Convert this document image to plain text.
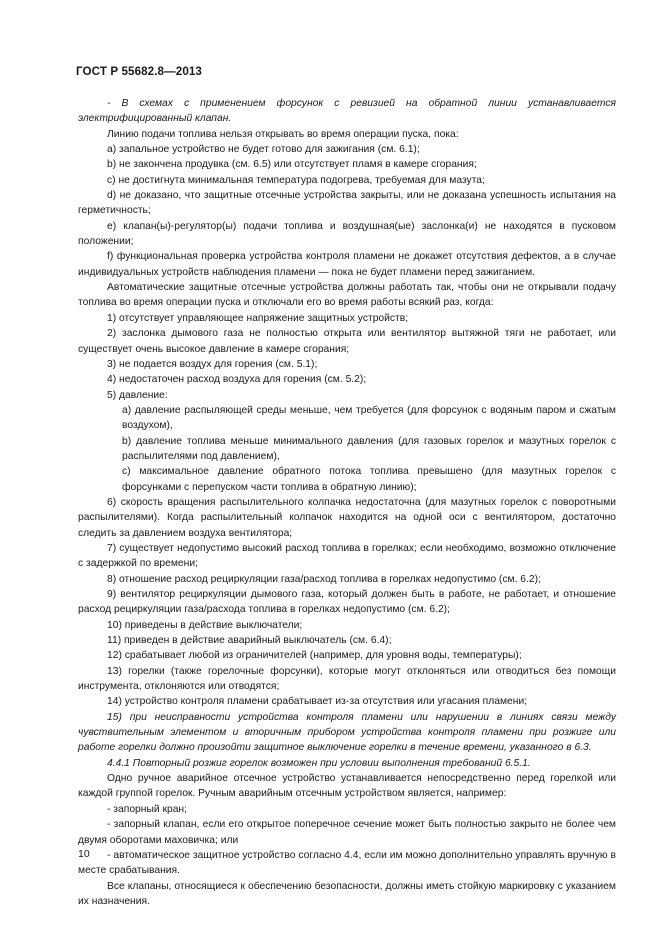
ГОСТ Р 55682.8—2013

- В схемах с применением форсунок с ревизией на обратной линии устанавливается электрифицированный клапан.

Линию подачи топлива нельзя открывать во время операции пуска, пока:

a) запальное устройство не будет готово для зажигания (см. 6.1);

b) не закончена продувка (см. 6.5) или отсутствует пламя в камере сгорания;

c) не достигнута минимальная температура подогрева, требуемая для мазута;

d) не доказано, что защитные отсечные устройства закрыты, или не доказана успешность испытания на герметичность;

e) клапан(ы)-регулятор(ы) подачи топлива и воздушная(ые) заслонка(и) не находятся в пусковом положении;

f) функциональная проверка устройства контроля пламени не докажет отсутствия дефектов, а в случае индивидуальных устройств наблюдения пламени — пока не будет пламени перед зажиганием.

Автоматические защитные отсечные устройства должны работать так, чтобы они не открывали подачу топлива во время операции пуска и отключали его во время работы всякий раз, когда:

1) отсутствует управляющее напряжение защитных устройств;

2) заслонка дымового газа не полностью открыта или вентилятор вытяжной тяги не работает, или существует очень высокое давление в камере сгорания;

3) не подается воздух для горения (см. 5.1);

4) недостаточен расход воздуха для горения (см. 5.2);

5) давление:

a) давление распыляющей среды меньше, чем требуется (для форсунок с водяным паром и сжатым воздухом),

b) давление топлива меньше минимального давления (для газовых горелок и мазутных горелок с распылителями под давлением),

c) максимальное давление обратного потока топлива превышено (для мазутных горелок с форсунками с перепуском части топлива в обратную линию);

6) скорость вращения распылительного колпачка недостаточна (для мазутных горелок с поворотными распылителями). Когда распылительный колпачок находится на одной оси с вентилятором, достаточно следить за давлением воздуха вентилятора;

7) существует недопустимо высокий расход топлива в горелках; если необходимо, возможно отключение с задержкой по времени;

8) отношение расход рециркуляции газа/расход топлива в горелках недопустимо (см. 6.2);

9) вентилятор рециркуляции дымового газа, который должен быть в работе, не работает, и отношение расход рециркуляции газа/расхода топлива в горелках недопустимо (см. 6.2);

10) приведены в действие выключатели;

11) приведен в действие аварийный выключатель (см. 6.4);

12) срабатывает любой из ограничителей (например, для уровня воды, температуры);

13) горелки (также горелочные форсунки), которые могут отклоняться или отводиться без помощи инструмента, отклоняются или отводятся;

14) устройство контроля пламени срабатывает из-за отсутствия или угасания пламени;

15) при неисправности устройства контроля пламени или нарушении в линиях связи между чувствительным элементом и вторичным прибором устройства контроля пламени при розжиге или работе горелки должно произойти защитное выключение горелки в течение времени, указанного в 6.3.

4.4.1 Повторный розжиг горелок возможен при условии выполнения требований 6.5.1.

Одно ручное аварийное отсечное устройство устанавливается непосредственно перед горелкой или каждой группой горелок. Ручным аварийным отсечным устройством является, например:

- запорный кран;

- запорный клапан, если его открытое поперечное сечение может быть полностью закрыто не более чем двумя оборотами маховичка; или

- автоматическое защитное устройство согласно 4.4, если им можно дополнительно управлять вручную в месте срабатывания.

Все клапаны, относящиеся к обеспечению безопасности, должны иметь стойкую маркировку с указанием их назначения.

10
